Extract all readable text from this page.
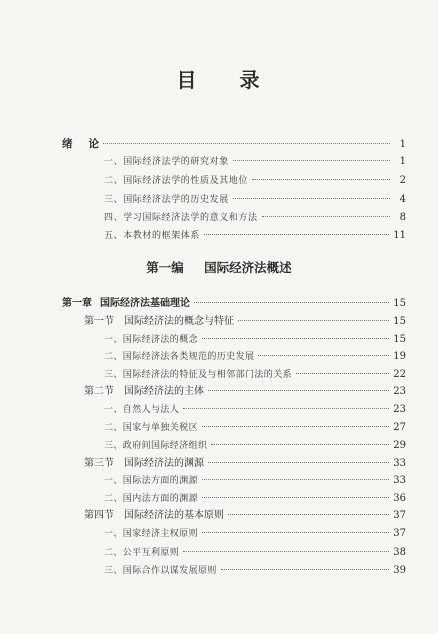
目 录
绪 论	1
一、国际经济法学的研究对象	1
二、国际经济法学的性质及其地位	2
三、国际经济法学的历史发展	4
四、学习国际经济法学的意义和方法	8
五、本教材的框架体系	11
第一编 国际经济法概述
第一章 国际经济法基础理论	15
第一节 国际经济法的概念与特征	15
一、国际经济法的概念	15
二、国际经济法各类规范的历史发展	19
三、国际经济法的特征及与相邻部门法的关系	22
第二节 国际经济法的主体	23
一、自然人与法人	23
二、国家与单独关税区	27
三、政府间国际经济组织	29
第三节 国际经济法的渊源	33
一、国际法方面的渊源	33
二、国内法方面的渊源	36
第四节 国际经济法的基本原则	37
一、国家经济主权原则	37
二、公平互利原则	38
三、国际合作以谋发展原则	39
